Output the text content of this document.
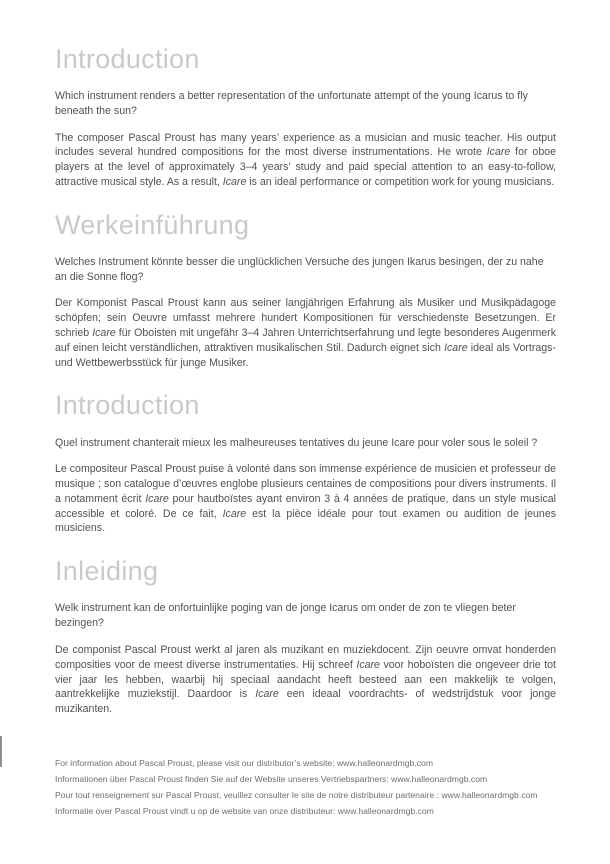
Introduction

Which instrument renders a better representation of the unfortunate attempt of the young Icarus to fly beneath the sun?

The composer Pascal Proust has many years’ experience as a musician and music teacher. His output includes several hundred compositions for the most diverse instrumentations. He wrote Icare for oboe players at the level of approximately 3–4 years’ study and paid special attention to an easy-to-follow, attractive musical style. As a result, Icare is an ideal performance or competition work for young musicians.

Werkeinführung

Welches Instrument könnte besser die unglücklichen Versuche des jungen Ikarus besingen, der zu nahe an die Sonne flog?

Der Komponist Pascal Proust kann aus seiner langjährigen Erfahrung als Musiker und Musikpädagoge schöpfen; sein Oeuvre umfasst mehrere hundert Kompositionen für verschiedenste Besetzungen. Er schrieb Icare für Oboisten mit ungefähr 3–4 Jahren Unterrichtserfahrung und legte besonderes Augenmerk auf einen leicht verständlichen, attraktiven musikalischen Stil. Dadurch eignet sich Icare ideal als Vortrags- und Wettbewerbsstück für junge Musiker.

Introduction

Quel instrument chanterait mieux les malheureuses tentatives du jeune Icare pour voler sous le soleil ?

Le compositeur Pascal Proust puise à volonté dans son immense expérience de musicien et professeur de musique ; son catalogue d’œuvres englobe plusieurs centaines de compositions pour divers instruments. Il a notamment écrit Icare pour hautboïstes ayant environ 3 à 4 années de pratique, dans un style musical accessible et coloré. De ce fait, Icare est la pièce idéale pour tout examen ou audition de jeunes musiciens.

Inleiding

Welk instrument kan de onfortuinlijke poging van de jonge Icarus om onder de zon te vliegen beter bezingen?

De componist Pascal Proust werkt al jaren als muzikant en muziekdocent. Zijn oeuvre omvat honderden composities voor de meest diverse instrumentaties. Hij schreef Icare voor hoboïsten die ongeveer drie tot vier jaar les hebben, waarbij hij speciaal aandacht heeft besteed aan een makkelijk te volgen, aantrekkelijke muziekstijl. Daardoor is Icare een ideaal voordrachts- of wedstrijdstuk voor jonge muzikanten.

For information about Pascal Proust, please visit our distributor’s website: www.halleonardmgb.com

Informationen über Pascal Proust finden Sie auf der Website unseres Vertriebspartners: www.halleonardmgb.com

Pour tout renseignement sur Pascal Proust, veuillez consulter le site de notre distributeur partenaire : www.halleonardmgb.com

Informatie over Pascal Proust vindt u op de website van onze distributeur: www.halleonardmgb.com
